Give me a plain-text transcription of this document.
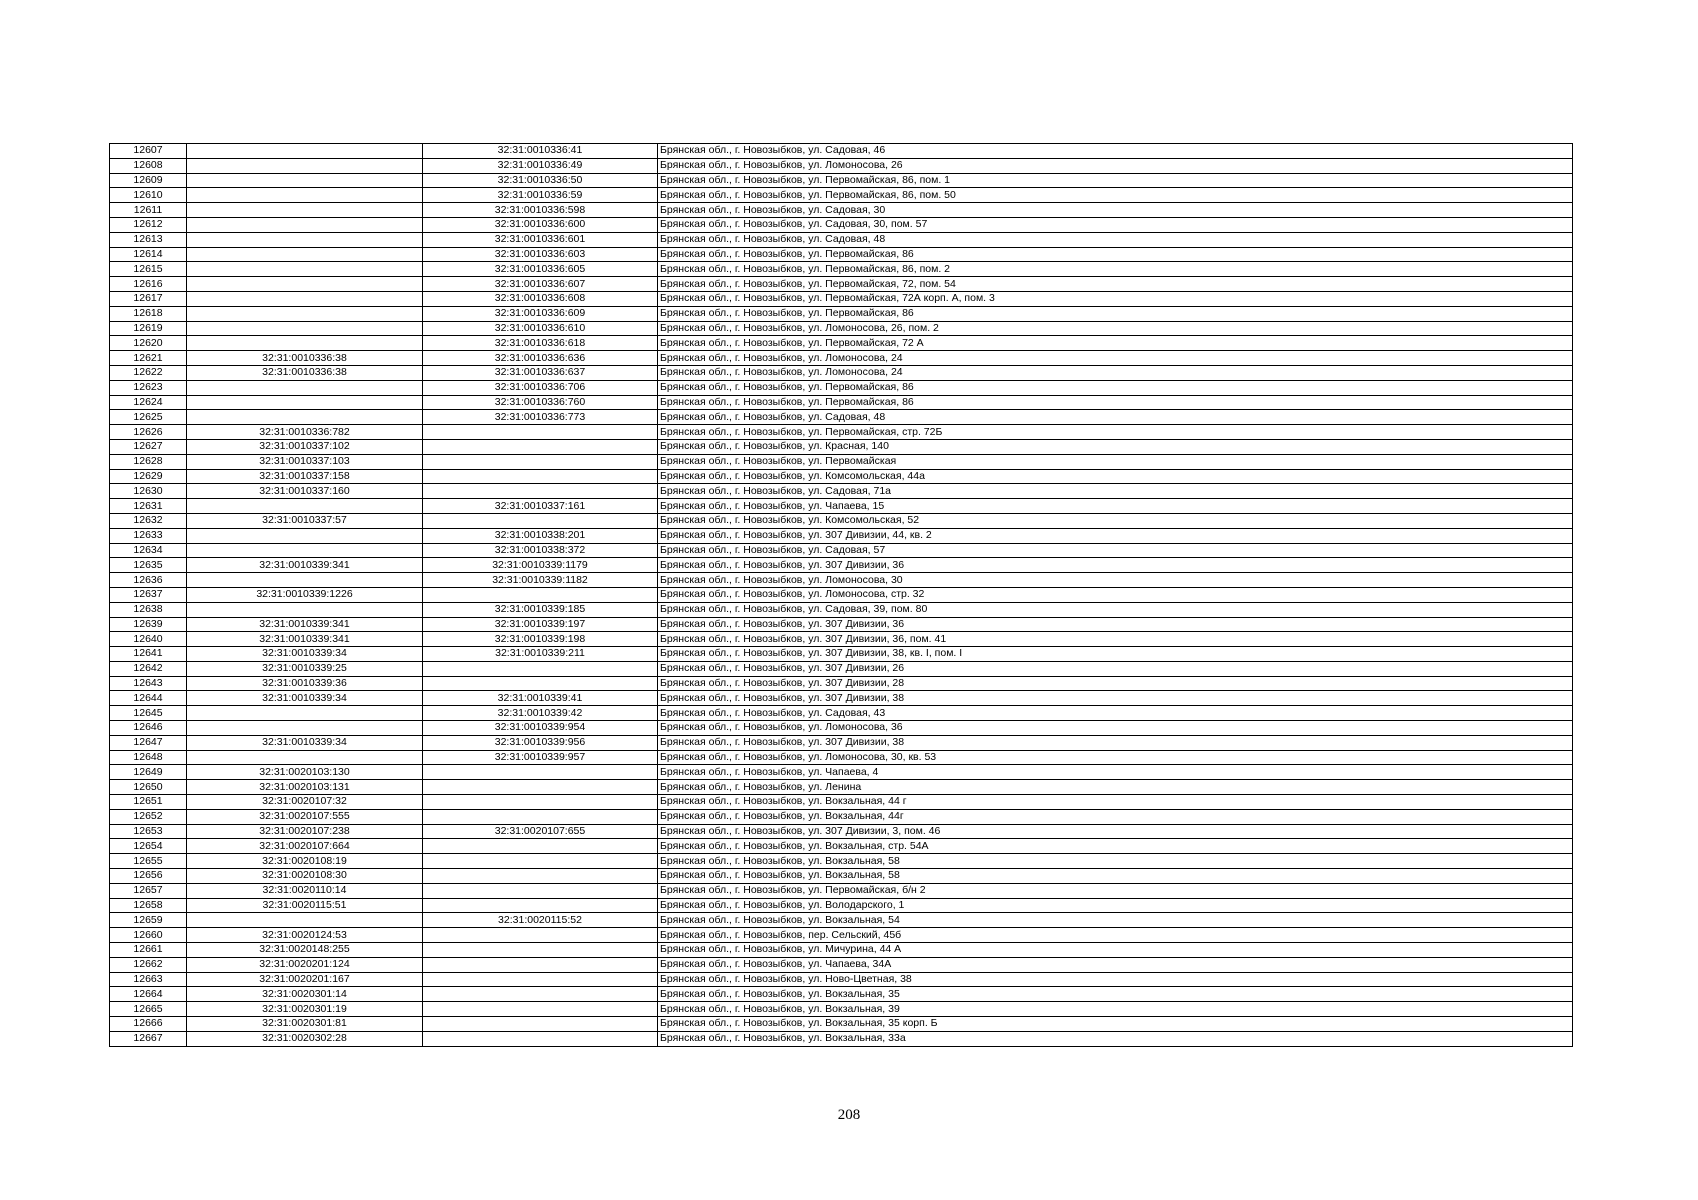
12607		32:31:0010336:41	Брянская обл., г. Новозыбков, ул. Садовая, 46
12608		32:31:0010336:49	Брянская обл., г. Новозыбков, ул. Ломоносова, 26
12609		32:31:0010336:50	Брянская обл., г. Новозыбков, ул. Первомайская, 86, пом. 1
12610		32:31:0010336:59	Брянская обл., г. Новозыбков, ул. Первомайская, 86, пом. 50
12611		32:31:0010336:598	Брянская обл., г. Новозыбков, ул. Садовая, 30
12612		32:31:0010336:600	Брянская обл., г. Новозыбков, ул. Садовая, 30, пом. 57
12613		32:31:0010336:601	Брянская обл., г. Новозыбков, ул. Садовая, 48
12614		32:31:0010336:603	Брянская обл., г. Новозыбков, ул. Первомайская, 86
12615		32:31:0010336:605	Брянская обл., г. Новозыбков, ул. Первомайская, 86, пом. 2
12616		32:31:0010336:607	Брянская обл., г. Новозыбков, ул. Первомайская, 72, пом. 54
12617		32:31:0010336:608	Брянская обл., г. Новозыбков, ул. Первомайская, 72А корп. А, пом. 3
12618		32:31:0010336:609	Брянская обл., г. Новозыбков, ул. Первомайская, 86
12619		32:31:0010336:610	Брянская обл., г. Новозыбков, ул. Ломоносова, 26, пом. 2
12620		32:31:0010336:618	Брянская обл., г. Новозыбков, ул. Первомайская, 72 А
12621	32:31:0010336:38	32:31:0010336:636	Брянская обл., г. Новозыбков, ул. Ломоносова, 24
12622	32:31:0010336:38	32:31:0010336:637	Брянская обл., г. Новозыбков, ул. Ломоносова, 24
12623		32:31:0010336:706	Брянская обл., г. Новозыбков, ул. Первомайская, 86
12624		32:31:0010336:760	Брянская обл., г. Новозыбков, ул. Первомайская, 86
12625		32:31:0010336:773	Брянская обл., г. Новозыбков, ул. Садовая, 48
12626	32:31:0010336:782		Брянская обл., г. Новозыбков, ул. Первомайская, стр. 72Б
12627	32:31:0010337:102		Брянская обл., г. Новозыбков, ул. Красная, 140
12628	32:31:0010337:103		Брянская обл., г. Новозыбков, ул. Первомайская
12629	32:31:0010337:158		Брянская обл., г. Новозыбков, ул. Комсомольская, 44а
12630	32:31:0010337:160		Брянская обл., г. Новозыбков, ул. Садовая, 71а
12631		32:31:0010337:161	Брянская обл., г. Новозыбков, ул. Чапаева, 15
12632	32:31:0010337:57		Брянская обл., г. Новозыбков, ул. Комсомольская, 52
12633		32:31:0010338:201	Брянская обл., г. Новозыбков, ул. 307 Дивизии, 44, кв. 2
12634		32:31:0010338:372	Брянская обл., г. Новозыбков, ул. Садовая, 57
12635	32:31:0010339:341	32:31:0010339:1179	Брянская обл., г. Новозыбков, ул. 307 Дивизии, 36
12636		32:31:0010339:1182	Брянская обл., г. Новозыбков, ул. Ломоносова, 30
12637	32:31:0010339:1226		Брянская обл., г. Новозыбков, ул. Ломоносова, стр. 32
12638		32:31:0010339:185	Брянская обл., г. Новозыбков, ул. Садовая, 39, пом. 80
12639	32:31:0010339:341	32:31:0010339:197	Брянская обл., г. Новозыбков, ул. 307 Дивизии, 36
12640	32:31:0010339:341	32:31:0010339:198	Брянская обл., г. Новозыбков, ул. 307 Дивизии, 36, пом. 41
12641	32:31:0010339:34	32:31:0010339:211	Брянская обл., г. Новозыбков, ул. 307 Дивизии, 38, кв. I, пом. I
12642	32:31:0010339:25		Брянская обл., г. Новозыбков, ул. 307 Дивизии, 26
12643	32:31:0010339:36		Брянская обл., г. Новозыбков, ул. 307 Дивизии, 28
12644	32:31:0010339:34	32:31:0010339:41	Брянская обл., г. Новозыбков, ул. 307 Дивизии, 38
12645		32:31:0010339:42	Брянская обл., г. Новозыбков, ул. Садовая, 43
12646		32:31:0010339:954	Брянская обл., г. Новозыбков, ул. Ломоносова, 36
12647	32:31:0010339:34	32:31:0010339:956	Брянская обл., г. Новозыбков, ул. 307 Дивизии, 38
12648		32:31:0010339:957	Брянская обл., г. Новозыбков, ул. Ломоносова, 30, кв. 53
12649	32:31:0020103:130		Брянская обл., г. Новозыбков, ул. Чапаева, 4
12650	32:31:0020103:131		Брянская обл., г. Новозыбков, ул. Ленина
12651	32:31:0020107:32		Брянская обл., г. Новозыбков, ул. Вокзальная, 44 г
12652	32:31:0020107:555		Брянская обл., г. Новозыбков, ул. Вокзальная, 44г
12653	32:31:0020107:238	32:31:0020107:655	Брянская обл., г. Новозыбков, ул. 307 Дивизии, 3, пом. 46
12654	32:31:0020107:664		Брянская обл., г. Новозыбков, ул. Вокзальная, стр. 54А
12655	32:31:0020108:19		Брянская обл., г. Новозыбков, ул. Вокзальная, 58
12656	32:31:0020108:30		Брянская обл., г. Новозыбков, ул. Вокзальная, 58
12657	32:31:0020110:14		Брянская обл., г. Новозыбков, ул. Первомайская, б/н 2
12658	32:31:0020115:51		Брянская обл., г. Новозыбков, ул. Володарского, 1
12659		32:31:0020115:52	Брянская обл., г. Новозыбков, ул. Вокзальная, 54
12660	32:31:0020124:53		Брянская обл., г. Новозыбков, пер. Сельский, 45б
12661	32:31:0020148:255		Брянская обл., г. Новозыбков, ул. Мичурина, 44 А
12662	32:31:0020201:124		Брянская обл., г. Новозыбков, ул. Чапаева, 34А
12663	32:31:0020201:167		Брянская обл., г. Новозыбков, ул. Ново-Цветная, 38
12664	32:31:0020301:14		Брянская обл., г. Новозыбков, ул. Вокзальная, 35
12665	32:31:0020301:19		Брянская обл., г. Новозыбков, ул. Вокзальная, 39
12666	32:31:0020301:81		Брянская обл., г. Новозыбков, ул. Вокзальная, 35 корп. Б
12667	32:31:0020302:28		Брянская обл., г. Новозыбков, ул. Вокзальная, 33а
208
